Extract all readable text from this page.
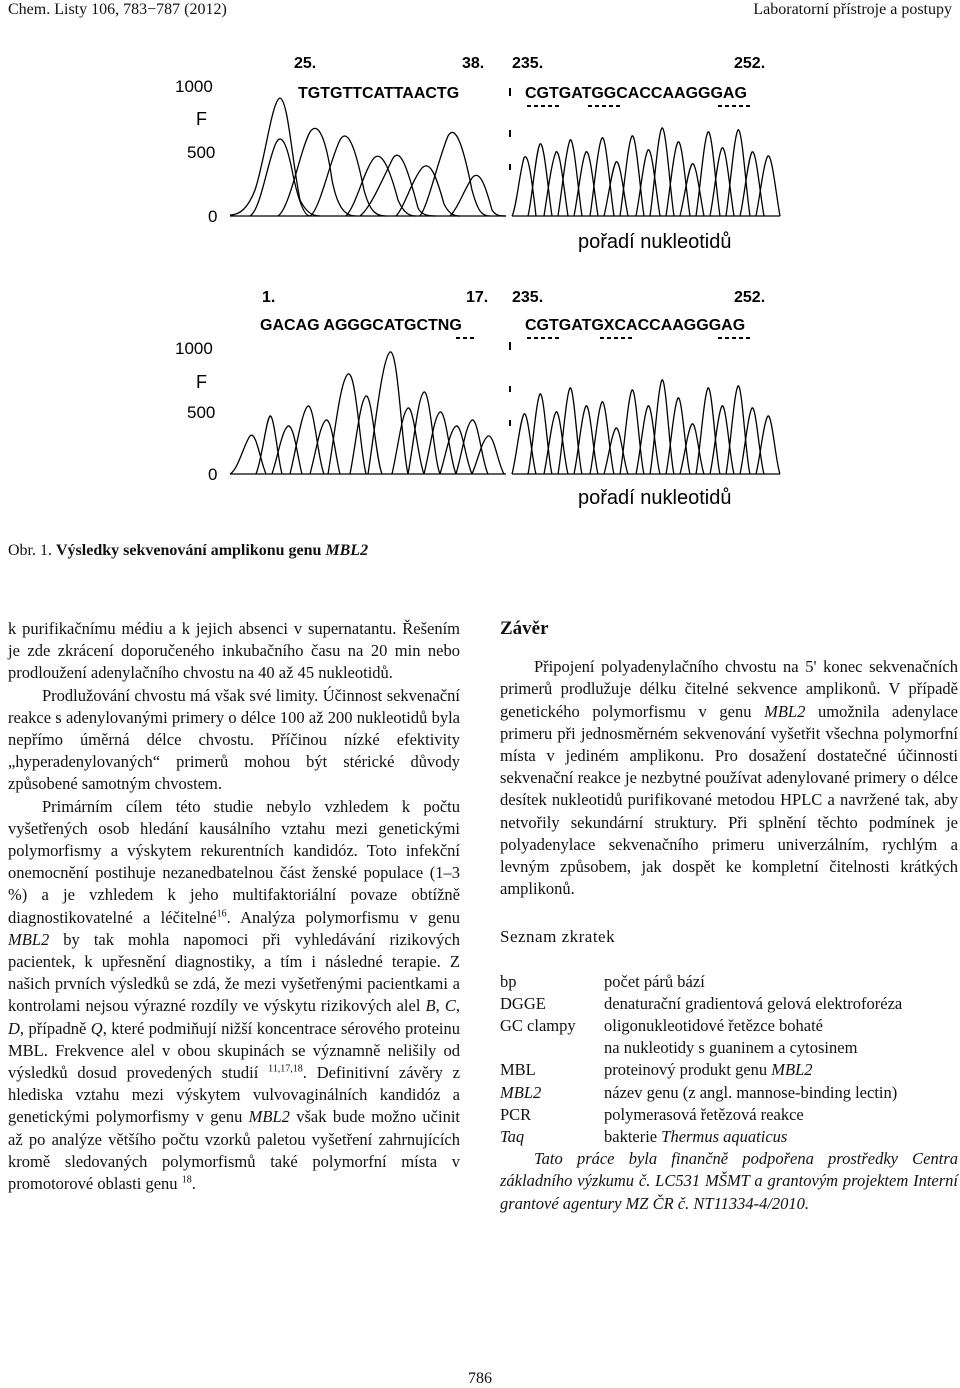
Chem. Listy 106, 783−787 (2012)	Laboratorní přístroje a postupy
1000
F
500
0
25.	38. 235.	252.
TGTGTTCATTAACTG	CGTGATGGCACCAAGGGAG
pořadí nukleotidů
1000
F
500
0
1.	17. 235.	252.
GACAG AGGGCATGCTNG	CGTGATGXCACCAAGGGAG
pořadí nukleotidů
Obr. 1. Výsledky sekvenování amplikonu genu MBL2

k purifikačnímu médiu a k jejich absenci v supernatantu. Řešením je zde zkrácení doporučeného inkubačního času na 20 min nebo prodloužení adenylačního chvostu na 40 až 45 nukleotidů.

Prodlužování chvostu má však své limity. Účinnost sekvenační reakce s adenylovanými primery o délce 100 až 200 nukleotidů byla nepřímo úměrná délce chvostu. Příčinou nízké efektivity „hyperadenylovaných“ primerů mohou být stérické důvody způsobené samotným chvostem.

Primárním cílem této studie nebylo vzhledem k počtu vyšetřených osob hledání kausálního vztahu mezi genetickými polymorfismy a výskytem rekurentních kandidóz. Toto infekční onemocnění postihuje nezanedbatelnou část ženské populace (1–3 %) a je vzhledem k jeho multifaktoriální povaze obtížně diagnostikovatelné a léčitelné$^{16}$. Analýza polymorfismu v genu MBL2 by tak mohla napomoci při vyhledávání rizikových pacientek, k upřesnění diagnostiky, a tím i následné terapie. Z našich prvních výsledků se zdá, že mezi vyšetřenými pacientkami a kontrolami nejsou výrazné rozdíly ve výskytu rizikových alel B, C, D, případně Q, které podmiňují nižší koncentrace sérového proteinu MBL. Frekvence alel v obou skupinách se významně nelišily od výsledků dosud provedených studií $^{11,17,18}$. Definitivní závěry z hlediska vztahu mezi výskytem vulvovaginálních kandidóz a genetickými polymorfismy v genu MBL2 však bude možno učinit až po analýze většího počtu vzorků paletou vyšetření zahrnujících kromě sledovaných polymorfismů také polymorfní místa v promotorové oblasti genu $^{18}$.

Závěr

Připojení polyadenylačního chvostu na 5' konec sekvenačních primerů prodlužuje délku čitelné sekvence amplikonů. V případě genetického polymorfismu v genu MBL2 umožnila adenylace primeru při jednosměrném sekvenování vyšetřit všechna polymorfní místa v jediném amplikonu. Pro dosažení dostatečné účinnosti sekvenační reakce je nezbytné používat adenylované primery o délce desítek nukleotidů purifikované metodou HPLC a navržené tak, aby netvořily sekundární struktury. Při splnění těchto podmínek je polyadenylace sekvenačního primeru univerzálním, rychlým a levným způsobem, jak dospět ke kompletní čitelnosti krátkých amplikonů.

Seznam zkratek
bp	počet párů bází
DGGE	denaturační gradientová gelová elektroforéza
GC clampy	oligonukleotidové řetězce bohaté
	na nukleotidy s guaninem a cytosinem
MBL	proteinový produkt genu MBL2
MBL2	název genu (z angl. mannose-binding lectin)
PCR	polymerasová řetězová reakce
Taq	bakterie Thermus aquaticus

Tato práce byla finančně podpořena prostředky Centra základního výzkumu č. LC531 MŠMT a grantovým projektem Interní grantové agentury MZ ČR č. NT11334-4/2010.

786
